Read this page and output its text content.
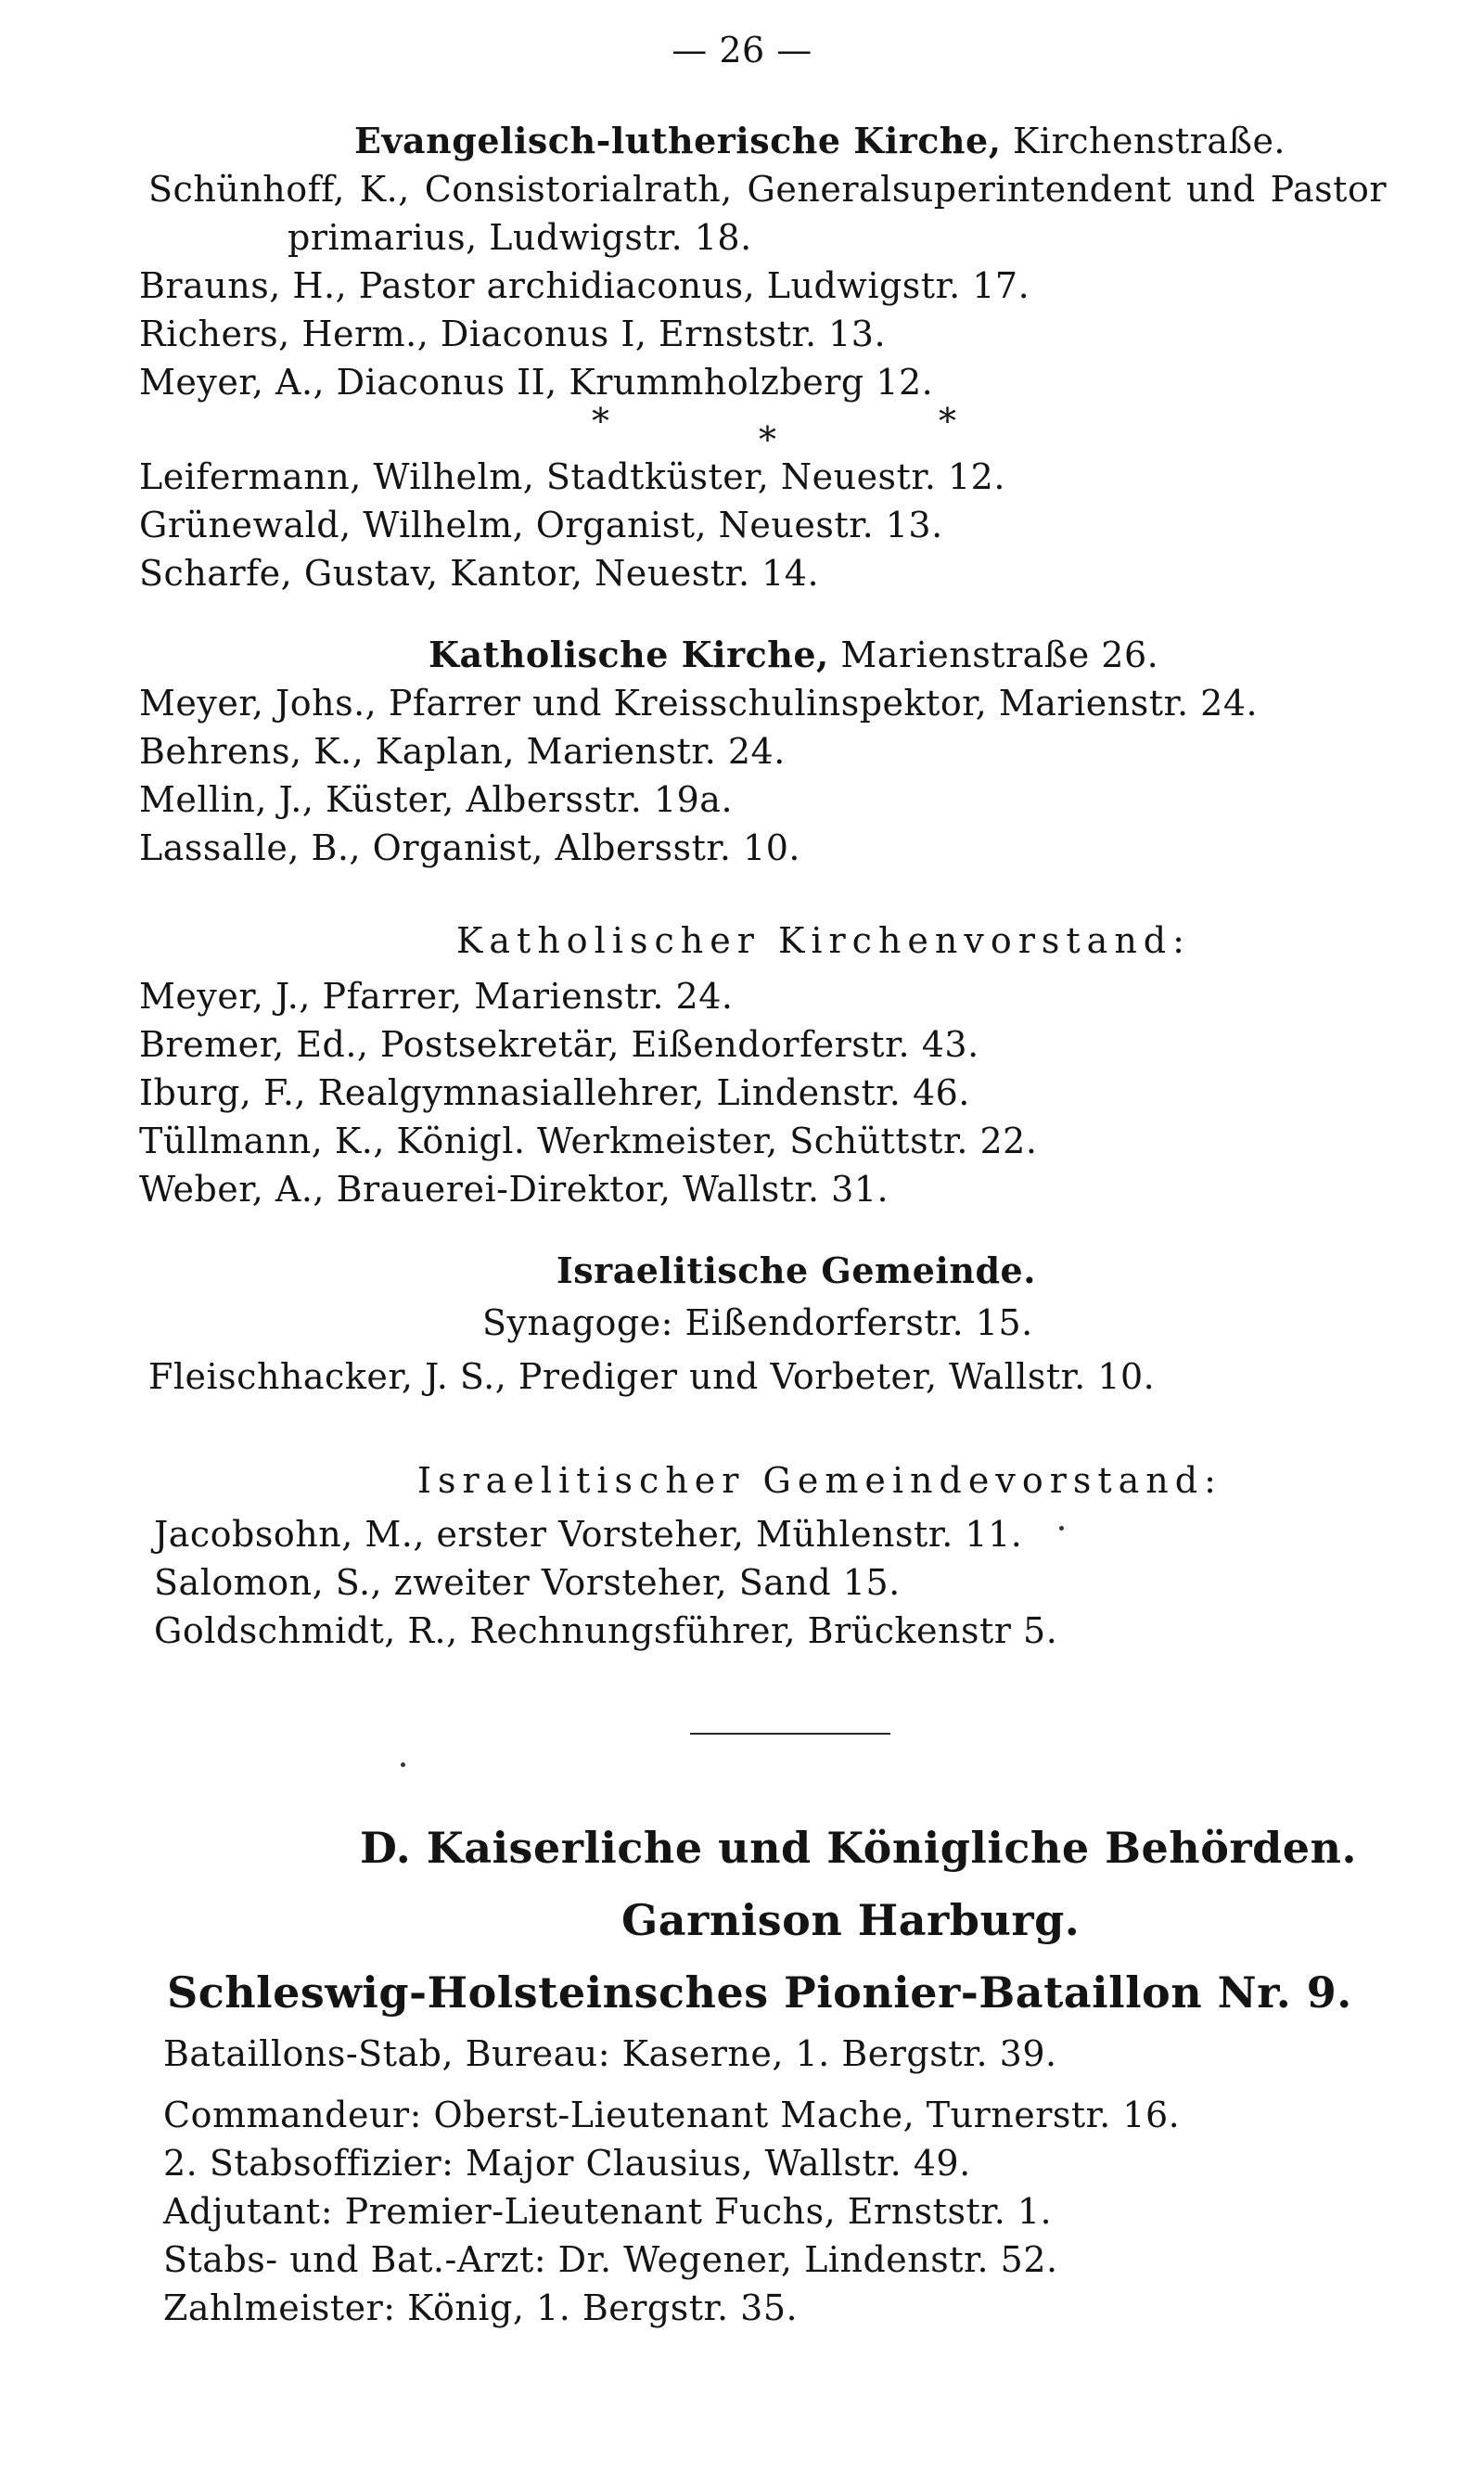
— 26 —
Evangelisch-lutherische Kirche, Kirchenstraße.
Schünhoff, K., Consistorialrath, Generalsuperintendent und Pastor
primarius, Ludwigstr. 18.
Brauns, H., Pastor archidiaconus, Ludwigstr. 17.
Richers, Herm., Diaconus I, Ernststr. 13.
Meyer, A., Diaconus II, Krummholzberg 12.
*	*	*
Leifermann, Wilhelm, Stadtküster, Neuestr. 12.
Grünewald, Wilhelm, Organist, Neuestr. 13.
Scharfe, Gustav, Kantor, Neuestr. 14.
Katholische Kirche, Marienstraße 26.
Meyer, Johs., Pfarrer und Kreisschulinspektor, Marienstr. 24.
Behrens, K., Kaplan, Marienstr. 24.
Mellin, J., Küster, Albersstr. 19a.
Lassalle, B., Organist, Albersstr. 10.
Katholischer Kirchenvorstand:
Meyer, J., Pfarrer, Marienstr. 24.
Bremer, Ed., Postsekretär, Eißendorferstr. 43.
Iburg, F., Realgymnasiallehrer, Lindenstr. 46.
Tüllmann, K., Königl. Werkmeister, Schüttstr. 22.
Weber, A., Brauerei-Direktor, Wallstr. 31.
Israelitische Gemeinde.
Synagoge: Eißendorferstr. 15.
Fleischhacker, J. S., Prediger und Vorbeter, Wallstr. 10.
Israelitischer Gemeindevorstand:
Jacobsohn, M., erster Vorsteher, Mühlenstr. 11.
Salomon, S., zweiter Vorsteher, Sand 15.
Goldschmidt, R., Rechnungsführer, Brückenstr 5.
D. Kaiserliche und Königliche Behörden.
Garnison Harburg.
Schleswig-Holsteinsches Pionier-Bataillon Nr. 9.
Bataillons-Stab, Bureau: Kaserne, 1. Bergstr. 39.
Commandeur: Oberst-Lieutenant Mache, Turnerstr. 16.
2. Stabsoffizier: Major Clausius, Wallstr. 49.
Adjutant: Premier-Lieutenant Fuchs, Ernststr. 1.
Stabs- und Bat.-Arzt: Dr. Wegener, Lindenstr. 52.
Zahlmeister: König, 1. Bergstr. 35.
